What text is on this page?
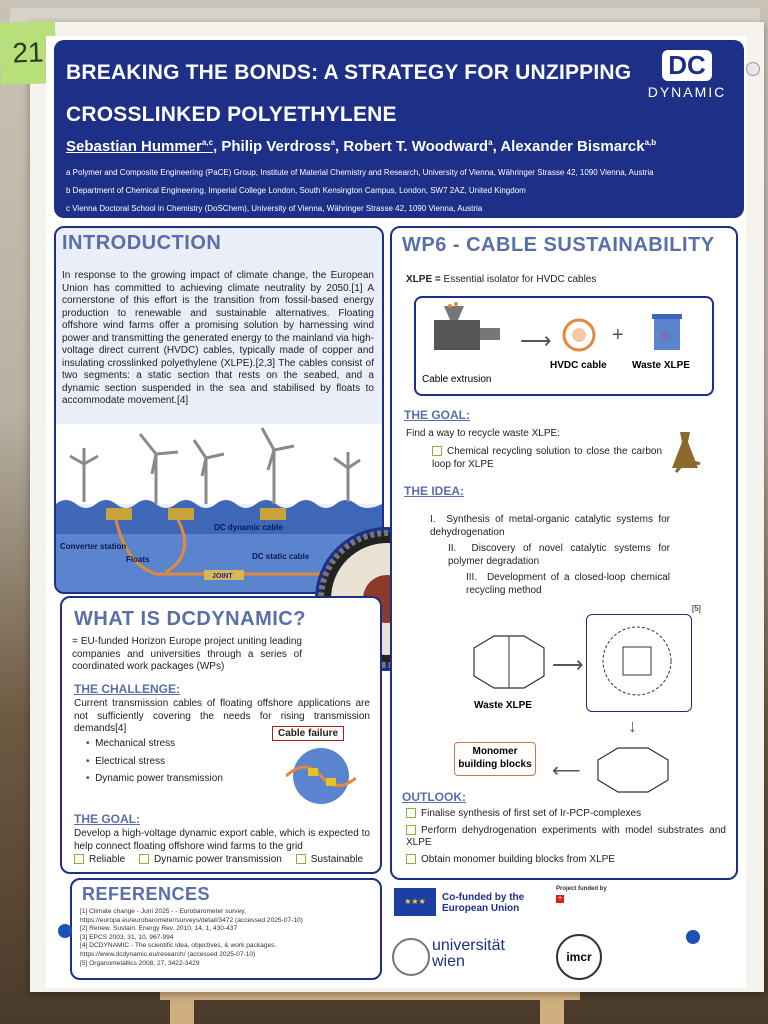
21
BREAKING THE BONDS: A STRATEGY FOR UNZIPPING
CROSSLINKED POLYETHYLENE
DC
DYNAMIC
Sebastian Hummer$^{a,c}$, Philip Verdross$^a$, Robert T. Woodward$^a$, Alexander Bismarck$^{a,b}$
a Polymer and Composite Engineering (PaCE) Group, Institute of Material Chemistry and Research, University of Vienna, Währinger Strasse 42, 1090 Vienna, Austria
b Department of Chemical Engineering, Imperial College London, South Kensington Campus, London, SW7 2AZ, United Kingdom
c Vienna Doctoral School in Chemistry (DoSChem), University of Vienna, Währinger Strasse 42, 1090 Vienna, Austria
INTRODUCTION
In response to the growing impact of climate change, the European Union has committed to achieving climate neutrality by 2050.[1] A cornerstone of this effort is the transition from fossil-based energy production to renewable and sustainable alternatives. Floating offshore wind farms offer a promising solution by harnessing wind power and transmitting the generated energy to the mainland via high-voltage direct current (HVDC) cables, typically made of copper and insulating crosslinked polyethylene (XLPE).[2,3] The cables consist of two segments: a static section that rests on the seabed, and a dynamic section suspended in the sea and stabilised by floats to accommodate movement.[4]
JOINT
Converter station
Floats
DC dynamic cable
DC static cable
WHAT IS DCDYNAMIC?
= EU-funded Horizon Europe project uniting leading companies and universities through a series of coordinated work packages (WPs)
THE CHALLENGE:
Current transmission cables of floating offshore applications are not sufficiently covering the needs for rising transmission demands[4]
• Mechanical stress
• Electrical stress
• Dynamic power transmission
Cable failure
THE GOAL:
Develop a high-voltage dynamic export cable, which is expected to help connect floating offshore wind farms to the grid
Reliable	Dynamic power transmission	Sustainable
WP6 - CABLE SUSTAINABILITY
XLPE = Essential isolator for HVDC cables
⟶	+	♲
Cable extrusion
HVDC cable	Waste XLPE
THE GOAL:
Find a way to recycle waste XLPE:
Chemical recycling solution to close the carbon loop for XLPE
THE IDEA:
I. Synthesis of metal-organic catalytic systems for dehydrogenation
II. Discovery of novel catalytic systems for polymer degradation
III. Development of a closed-loop chemical recycling method
Waste XLPE
⟶
[5]
↓
⟵
Monomer building blocks
OUTLOOK:
Finalise synthesis of first set of Ir-PCP-complexes
Perform dehydrogenation experiments with model substrates and XLPE
Obtain monomer building blocks from XLPE
REFERENCES
[1] Climate change - Juni 2025 - - Eurobarometer survey, https://europa.eu/eurobarometer/surveys/detail/3472 (accessed 2025-07-10)
[2] Renew. Sustain. Energy Rev. 2010, 14, 1, 430-437
[3] EPCS 2003, 31, 10, 967-994
[4] DCDYNAMIC - The scientific idea, objectives, & work packages. https://www.dcdynamic.eu/research/ (accessed 2025-07-10)
[5] Organometallics 2008, 27, 3422-3429
★★★	Co-funded by the European Union
Project funded by
+
universität wien	imcr
